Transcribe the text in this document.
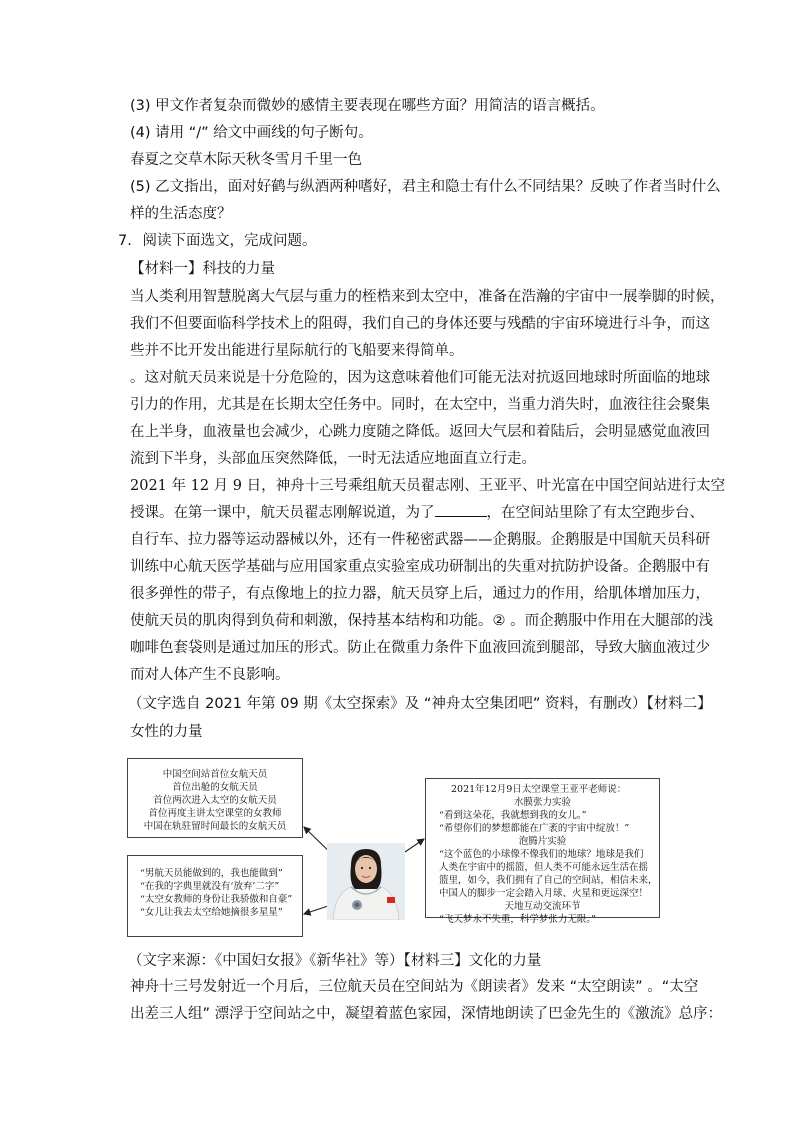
(3) 甲文作者复杂而微妙的感情主要表现在哪些方面？用简洁的语言概括。
(4) 请用 “/” 给文中画线的句子断句。
春夏之交草木际天秋冬雪月千里一色
(5) 乙文指出，面对好鹤与纵酒两种嗜好，君主和隐士有什么不同结果？反映了作者当时什么
样的生活态度？
7. 阅读下面选文，完成问题。
【材料一】科技的力量
当人类利用智慧脱离大气层与重力的桎梏来到太空中，准备在浩瀚的宇宙中一展拳脚的时候，
我们不但要面临科学技术上的阻碍，我们自己的身体还要与残酷的宇宙环境进行斗争，而这
些并不比开发出能进行星际航行的飞船要来得简单。
。这对航天员来说是十分危险的，因为这意味着他们可能无法对抗返回地球时所面临的地球
引力的作用，尤其是在长期太空任务中。同时，在太空中，当重力消失时，血液往往会聚集
在上半身，血液量也会减少，心跳力度随之降低。返回大气层和着陆后，会明显感觉血液回
流到下半身，头部血压突然降低，一时无法适应地面直立行走。
2021 年 12 月 9 日，神舟十三号乘组航天员翟志刚、王亚平、叶光富在中国空间站进行太空
授课。在第一课中，航天员翟志刚解说道，为了	，在空间站里除了有太空跑步台、
自行车、拉力器等运动器械以外，还有一件秘密武器——企鹅服。企鹅服是中国航天员科研
训练中心航天医学基础与应用国家重点实验室成功研制出的失重对抗防护设备。企鹅服中有
很多弹性的带子，有点像地上的拉力器，航天员穿上后，通过力的作用，给肌体增加压力，
使航天员的肌肉得到负荷和刺激，保持基本结构和功能。② 。而企鹅服中作用在大腿部的浅
咖啡色套袋则是通过加压的形式。防止在微重力条件下血液回流到腿部，导致大脑血液过少
而对人体产生不良影响。
（文字选自 2021 年第 09 期《太空探索》及 “神舟太空集团吧” 资料，有删改）【材料二】
女性的力量
中国空间站首位女航天员
首位出舱的女航天员
首位两次进入太空的女航天员
首位再度主讲太空课堂的女教师
中国在轨驻留时间最长的女航天员
“男航天员能做到的，我也能做到”
“在我的字典里就没有‘放弃’二字”
“太空女教师的身份让我骄傲和自豪”
“女儿让我去太空给她摘很多星星”
2021年12月9日太空课堂王亚平老师说：
水膜张力实验
“看到这朵花，我就想到我的女儿。”
“希望你们的梦想都能在广袤的宇宙中绽放！”
泡腾片实验
“这个蓝色的小球像不像我们的地球？地球是我们
人类在宇宙中的摇篮，但人类不可能永远生活在摇
篮里，如今，我们拥有了自己的空间站，相信未来，
中国人的脚步一定会踏入月球、火星和更远深空！
天地互动交流环节
“飞天梦永不失重，科学梦张力无限。”
（文字来源：《中国妇女报》《新华社》等）【材料三】文化的力量
神舟十三号发射近一个月后，三位航天员在空间站为《朗读者》发来 “太空朗读” 。“太空
出差三人组” 漂浮于空间站之中，凝望着蓝色家园，深情地朗读了巴金先生的《激流》总序：
